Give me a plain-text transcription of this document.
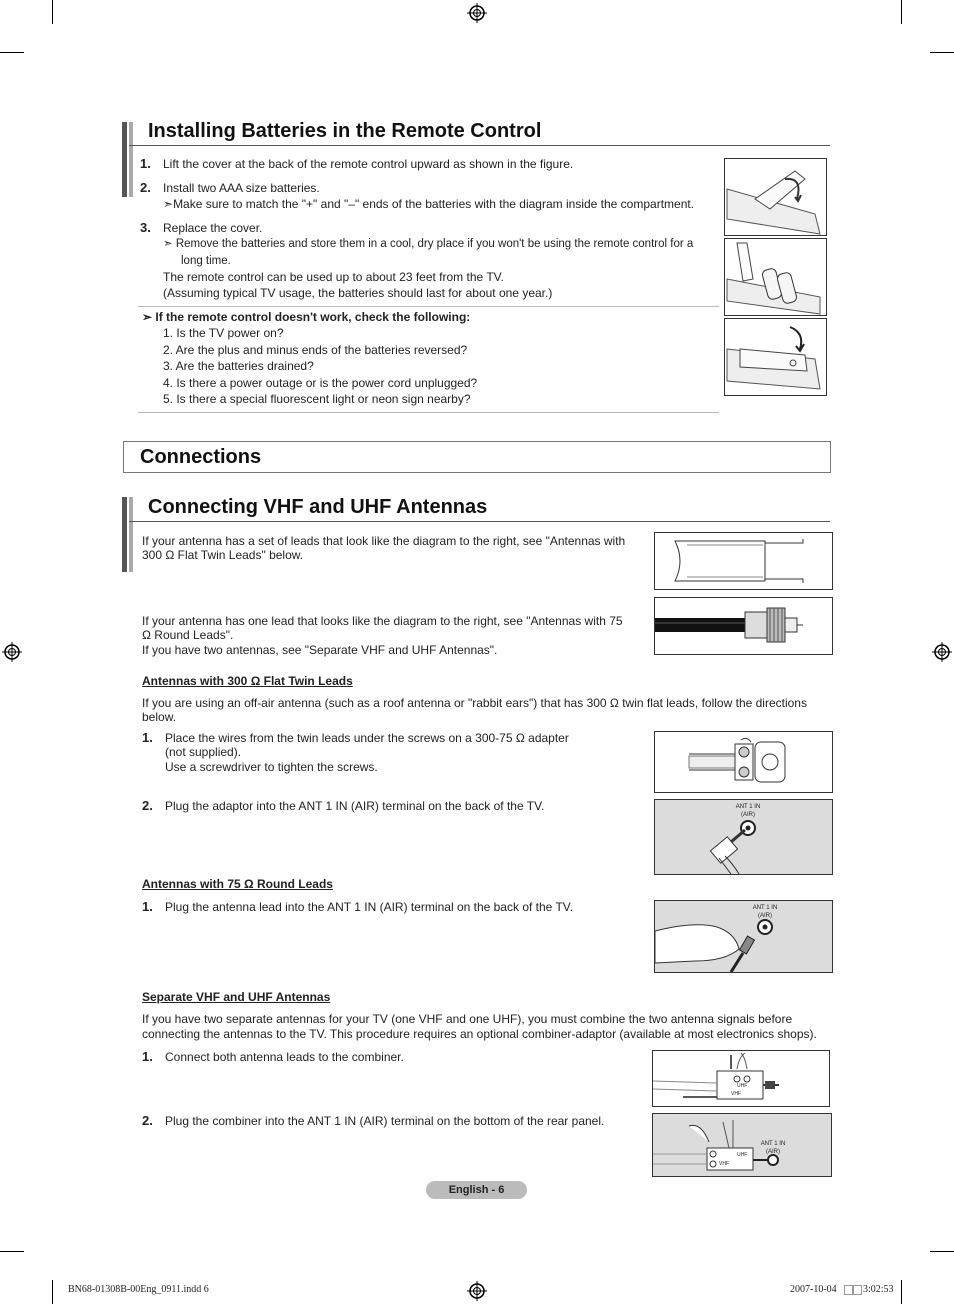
Installing Batteries in the Remote Control
1. Lift the cover at the back of the remote control upward as shown in the figure.
2. Install two AAA size batteries.
➣Make sure to match the "+" and "–" ends of the batteries with the diagram inside the compartment.
3. Replace the cover.
➣ Remove the batteries and store them in a cool, dry place if you won't be using the remote control for a
long time.
The remote control can be used up to about 23 feet from the TV.
(Assuming typical TV usage, the batteries should last for about one year.)
➣ If the remote control doesn't work, check the following:
1. Is the TV power on?
2. Are the plus and minus ends of the batteries reversed?
3. Are the batteries drained?
4. Is there a power outage or is the power cord unplugged?
5. Is there a special fluorescent light or neon sign nearby?
Connections
Connecting VHF and UHF Antennas
If your antenna has a set of leads that look like the diagram to the right, see "Antennas with
300 Ω Flat Twin Leads" below.
If your antenna has one lead that looks like the diagram to the right, see "Antennas with 75
Ω Round Leads".
If you have two antennas, see "Separate VHF and UHF Antennas".
Antennas with 300 Ω Flat Twin Leads
If you are using an off-air antenna (such as a roof antenna or "rabbit ears") that has 300 Ω twin flat leads, follow the directions
below.
1. Place the wires from the twin leads under the screws on a 300-75 Ω adapter
(not supplied).
Use a screwdriver to tighten the screws.
2. Plug the adaptor into the ANT 1 IN (AIR) terminal on the back of the TV.	ANT 1 IN
(AIR)
Antennas with 75 Ω Round Leads
1. Plug the antenna lead into the ANT 1 IN (AIR) terminal on the back of the TV.	ANT 1 IN
(AIR)
Separate VHF and UHF Antennas
If you have two separate antennas for your TV (one VHF and one UHF), you must combine the two antenna signals before
connecting the antennas to the TV. This procedure requires an optional combiner-adaptor (available at most electronics shops).
1. Connect both antenna leads to the combiner.
UHF
VHF
2. Plug the combiner into the ANT 1 IN (AIR) terminal on the bottom of the rear panel.
ANT 1 IN
(AIR)
UHF
VHF
English - 6
BN68-01308B-00Eng_0911.indd 6	2007-10-04	3:02:53
